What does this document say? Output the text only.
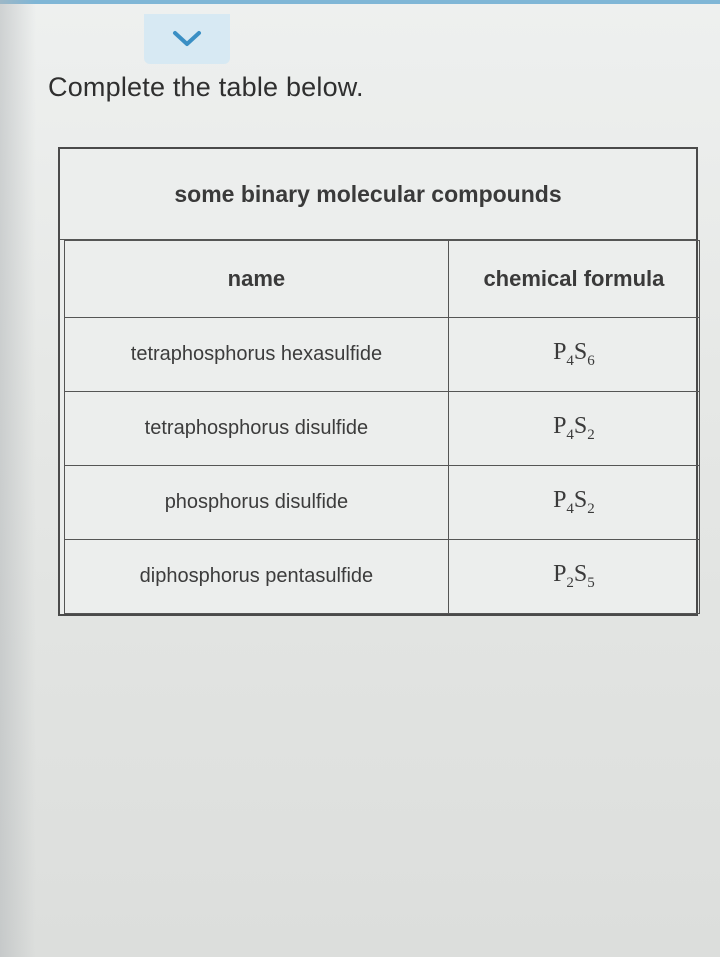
Complete the table below.
some binary molecular compounds
name	chemical formula
tetraphosphorus hexasulfide	$P_4S_6$
tetraphosphorus disulfide	$P_4S_2$
phosphorus disulfide	$P_4S_2$
diphosphorus pentasulfide	$P_2S_5$
